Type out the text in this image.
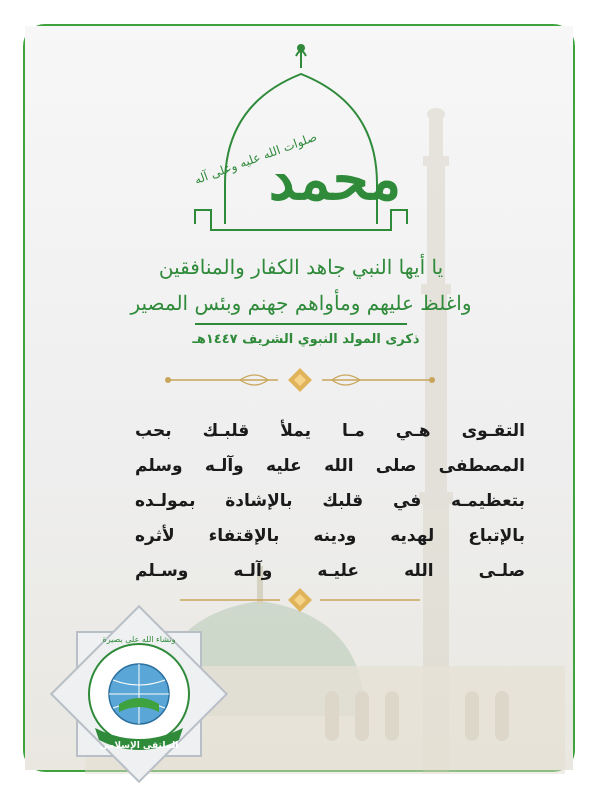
محمد
صلوات الله عليه وعلى آله
يا أيها النبي جاهد الكفار والمنافقين
واغلظ عليهم ومأواهم جهنم وبئس المصير
ذكرى المولد النبوي الشريف ١٤٤٧هـ
التقـوى هـي مـا يملأ قلبـك بحب
المصطفى صلى الله عليه وآلـه وسلم
بتعظيمـه في قلبك بالإشادة بمولـده
بالإتباع لهديه ودينه بالإقتفاء لأثره
صلـى الله عليـه وآلـه وسـلم
ونشاء الله على بصيرة
الملتقى الإسلامي
